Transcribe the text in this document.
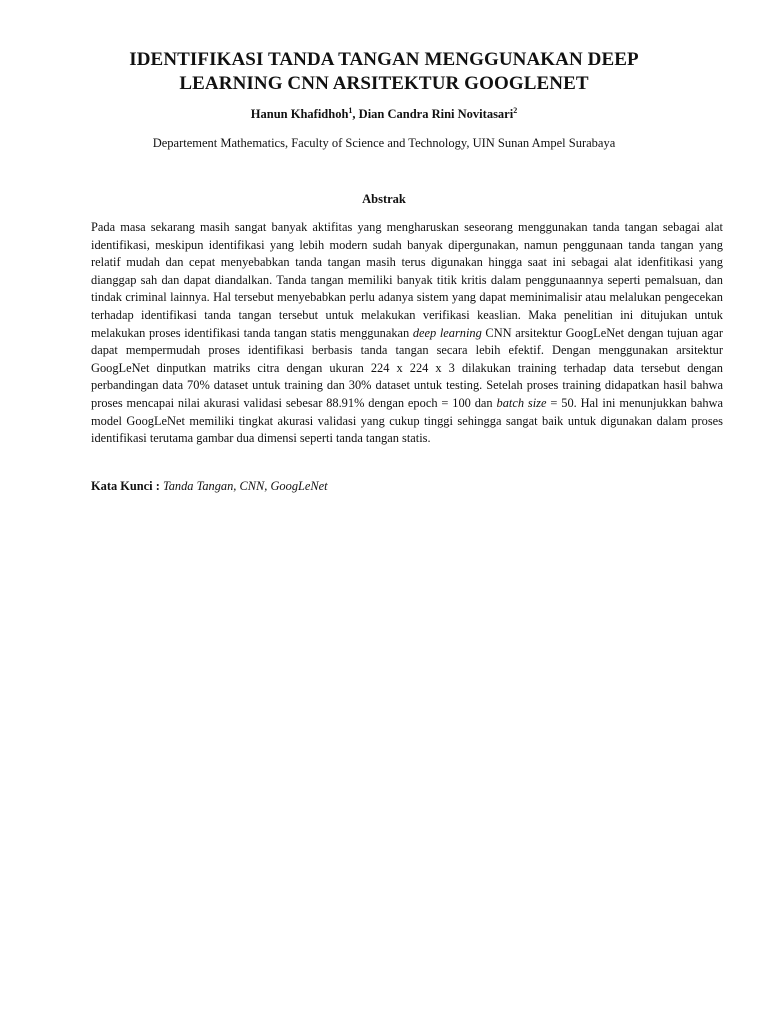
IDENTIFIKASI TANDA TANGAN MENGGUNAKAN DEEP
LEARNING CNN ARSITEKTUR GOOGLENET
Hanun Khafidhoh$^1$, Dian Candra Rini Novitasari$^2$
Departement Mathematics, Faculty of Science and Technology, UIN Sunan Ampel Surabaya
Abstrak

Pada masa sekarang masih sangat banyak aktifitas yang mengharuskan seseorang menggunakan tanda tangan sebagai alat identifikasi, meskipun identifikasi yang lebih modern sudah banyak dipergunakan, namun penggunaan tanda tangan yang relatif mudah dan cepat menyebabkan tanda tangan masih terus digunakan hingga saat ini sebagai alat idenfitikasi yang dianggap sah dan dapat diandalkan. Tanda tangan memiliki banyak titik kritis dalam penggunaannya seperti pemalsuan, dan tindak criminal lainnya. Hal tersebut menyebabkan perlu adanya sistem yang dapat meminimalisir atau melalukan pengecekan terhadap identifikasi tanda tangan tersebut untuk melakukan verifikasi keaslian. Maka penelitian ini ditujukan untuk melakukan proses identifikasi tanda tangan statis menggunakan deep learning CNN arsitektur GoogLeNet dengan tujuan agar dapat mempermudah proses identifikasi berbasis tanda tangan secara lebih efektif. Dengan menggunakan arsitektur GoogLeNet dinputkan matriks citra dengan ukuran 224 x 224 x 3 dilakukan training terhadap data tersebut dengan perbandingan data 70% dataset untuk training dan 30% dataset untuk testing. Setelah proses training didapatkan hasil bahwa proses mencapai nilai akurasi validasi sebesar 88.91% dengan epoch = 100 dan batch size = 50. Hal ini menunjukkan bahwa model GoogLeNet memiliki tingkat akurasi validasi yang cukup tinggi sehingga sangat baik untuk digunakan dalam proses identifikasi terutama gambar dua dimensi seperti tanda tangan statis.

Kata Kunci : Tanda Tangan, CNN, GoogLeNet
